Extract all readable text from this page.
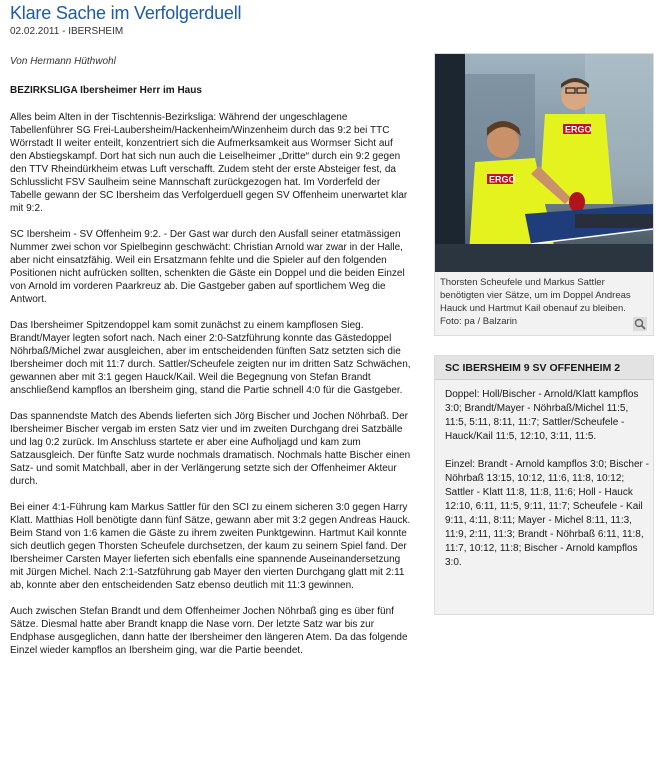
Klare Sache im Verfolgerduell
02.02.2011 - IBERSHEIM
Von Hermann Hüthwohl

BEZIRKSLIGA Ibersheimer Herr im Haus

Alles beim Alten in der Tischtennis-Bezirksliga: Während der ungeschlagene Tabellenführer SG Frei-Laubersheim/Hackenheim/Winzenheim durch das 9:2 bei TTC Wörrstadt II weiter enteilt, konzentriert sich die Aufmerksamkeit aus Wormser Sicht auf den Abstiegskampf. Dort hat sich nun auch die Leiselheimer „Dritte“ durch ein 9:2 gegen den TTV Rheindürkheim etwas Luft verschafft. Zudem steht der erste Absteiger fest, da Schlusslicht FSV Saulheim seine Mannschaft zurückgezogen hat. Im Vorderfeld der Tabelle gewann der SC Ibersheim das Verfolgerduell gegen SV Offenheim unerwartet klar mit 9:2.

SC Ibersheim - SV Offenheim 9:2. - Der Gast war durch den Ausfall seiner etatmässigen Nummer zwei schon vor Spielbeginn geschwächt: Christian Arnold war zwar in der Halle, aber nicht einsatzfähig. Weil ein Ersatzmann fehlte und die Spieler auf den folgenden Positionen nicht aufrücken sollten, schenkten die Gäste ein Doppel und die beiden Einzel von Arnold im vorderen Paarkreuz ab. Die Gastgeber gaben auf sportlichem Weg die Antwort.

Das Ibersheimer Spitzendoppel kam somit zunächst zu einem kampflosen Sieg. Brandt/Mayer legten sofort nach. Nach einer 2:0-Satzführung konnte das Gästedoppel Nöhrbaß/Michel zwar ausgleichen, aber im entscheidenden fünften Satz setzten sich die Ibersheimer doch mit 11:7 durch. Sattler/Scheufele zeigten nur im dritten Satz Schwächen, gewannen aber mit 3:1 gegen Hauck/Kail. Weil die Begegnung von Stefan Brandt anschließend kampflos an Ibersheim ging, stand die Partie schnell 4:0 für die Gastgeber.

Das spannendste Match des Abends lieferten sich Jörg Bischer und Jochen Nöhrbaß. Der Ibersheimer Bischer vergab im ersten Satz vier und im zweiten Durchgang drei Satzbälle und lag 0:2 zurück. Im Anschluss startete er aber eine Aufholjagd und kam zum Satzausgleich. Der fünfte Satz wurde nochmals dramatisch. Nochmals hatte Bischer einen Satz- und somit Matchball, aber in der Verlängerung setzte sich der Offenheimer Akteur durch.

Bei einer 4:1-Führung kam Markus Sattler für den SCI zu einem sicheren 3:0 gegen Harry Klatt. Matthias Holl benötigte dann fünf Sätze, gewann aber mit 3:2 gegen Andreas Hauck. Beim Stand von 1:6 kamen die Gäste zu ihrem zweiten Punktgewinn. Hartmut Kail konnte sich deutlich gegen Thorsten Scheufele durchsetzen, der kaum zu seinem Spiel fand. Der Ibersheimer Carsten Mayer lieferten sich ebenfalls eine spannende Auseinandersetzung mit Jürgen Michel. Nach 2:1-Satzführung gab Mayer den vierten Durchgang glatt mit 2:11 ab, konnte aber den entscheidenden Satz ebenso deutlich mit 11:3 gewinnen.

Auch zwischen Stefan Brandt und dem Offenheimer Jochen Nöhrbaß ging es über fünf Sätze. Diesmal hatte aber Brandt knapp die Nase vorn. Der letzte Satz war bis zur Endphase ausgeglichen, dann hatte der Ibersheimer den längeren Atem. Da das folgende Einzel wieder kampflos an Ibersheim ging, war die Partie beendet.

ERGO
ERGO
Thorsten Scheufele und Markus Sattler benötigten vier Sätze, um im Doppel Andreas Hauck und Hartmut Kail obenauf zu bleiben. Foto: pa / Balzarin
SC IBERSHEIM 9 SV OFFENHEIM 2

Doppel: Holl/Bischer - Arnold/Klatt kampflos 3:0; Brandt/Mayer - Nöhrbaß/Michel 11:5, 11:5, 5:11, 8:11, 11:7; Sattler/Scheufele - Hauck/Kail 11:5, 12:10, 3:11, 11:5.

Einzel: Brandt - Arnold kampflos 3:0; Bischer - Nöhrbaß 13:15, 10:12, 11:6, 11:8, 10:12; Sattler - Klatt 11:8, 11:8, 11:6; Holl - Hauck 12:10, 6:11, 11:5, 9:11, 11:7; Scheufele - Kail 9:11, 4:11, 8:11; Mayer - Michel 8:11, 11:3, 11:9, 2:11, 11:3; Brandt - Nöhrbaß 6:11, 11:8, 11:7, 10:12, 11:8; Bischer - Arnold kampflos 3:0.
